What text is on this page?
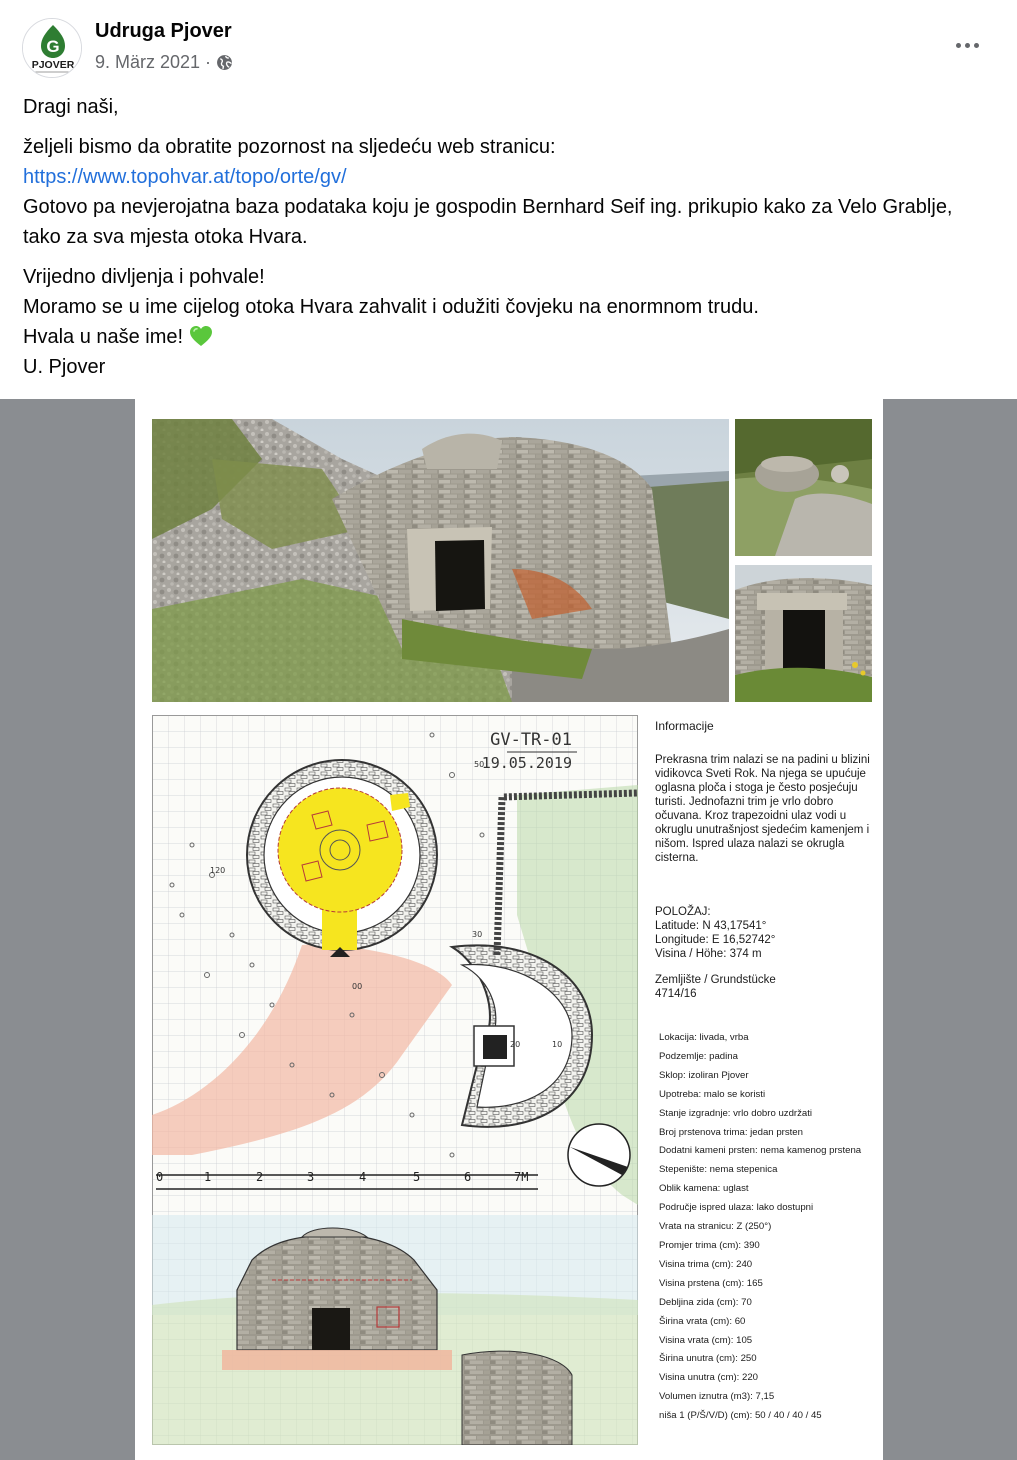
G
PJOVER
Udruga Pjover
9. März 2021 ·

Dragi naši,

željeli bismo da obratite pozornost na sljedeću web stranicu:
https://www.topohvar.at/topo/orte/gv/
Gotovo pa nevjerojatna baza podataka koju je gospodin Bernhard Seif ing. prikupio kako za Velo Grablje, tako za sva mjesta otoka Hvara.

Vrijedno divljenja i pohvale!
Moramo se u ime cijelog otoka Hvara zahvalit i odužiti čovjeku na enormnom trudu.
Hvala u naše ime!
U. Pjover

GV-TR-01
19.05.2019
50
120
30
00
20	10
0	1	2	3	4	5	6	7M
Informacije
Prekrasna trim nalazi se na padini u blizini vidikovca Sveti Rok. Na njega se upućuje oglasna ploča i stoga je često posjećuju turisti. Jednofazni trim je vrlo dobro očuvana. Kroz trapezoidni ulaz vodi u okruglu unutrašnjost sjedećim kamenjem i nišom. Ispred ulaza nalazi se okrugla cisterna.
POLOŽAJ:
Latitude: N 43,17541°
Longitude: E 16,52742°
Visina / Höhe: 374 m
Zemljište / Grundstücke
4714/16
Lokacija: livada, vrba
Podzemlje: padina
Sklop: izoliran Pjover
Upotreba: malo se koristi
Stanje izgradnje: vrlo dobro uzdržati
Broj prstenova trima: jedan prsten
Dodatni kameni prsten: nema kamenog prstena
Stepenište: nema stepenica
Oblik kamena: uglast
Područje ispred ulaza: lako dostupni
Vrata na stranicu: Z (250°)
Promjer trima (cm): 390
Visina trima (cm): 240
Visina prstena (cm): 165
Debljina zida (cm): 70
Širina vrata (cm): 60
Visina vrata (cm): 105
Širina unutra (cm): 250
Visina unutra (cm): 220
Volumen iznutra (m3): 7,15
niša 1 (P/Š/V/D) (cm): 50 / 40 / 40 / 45
